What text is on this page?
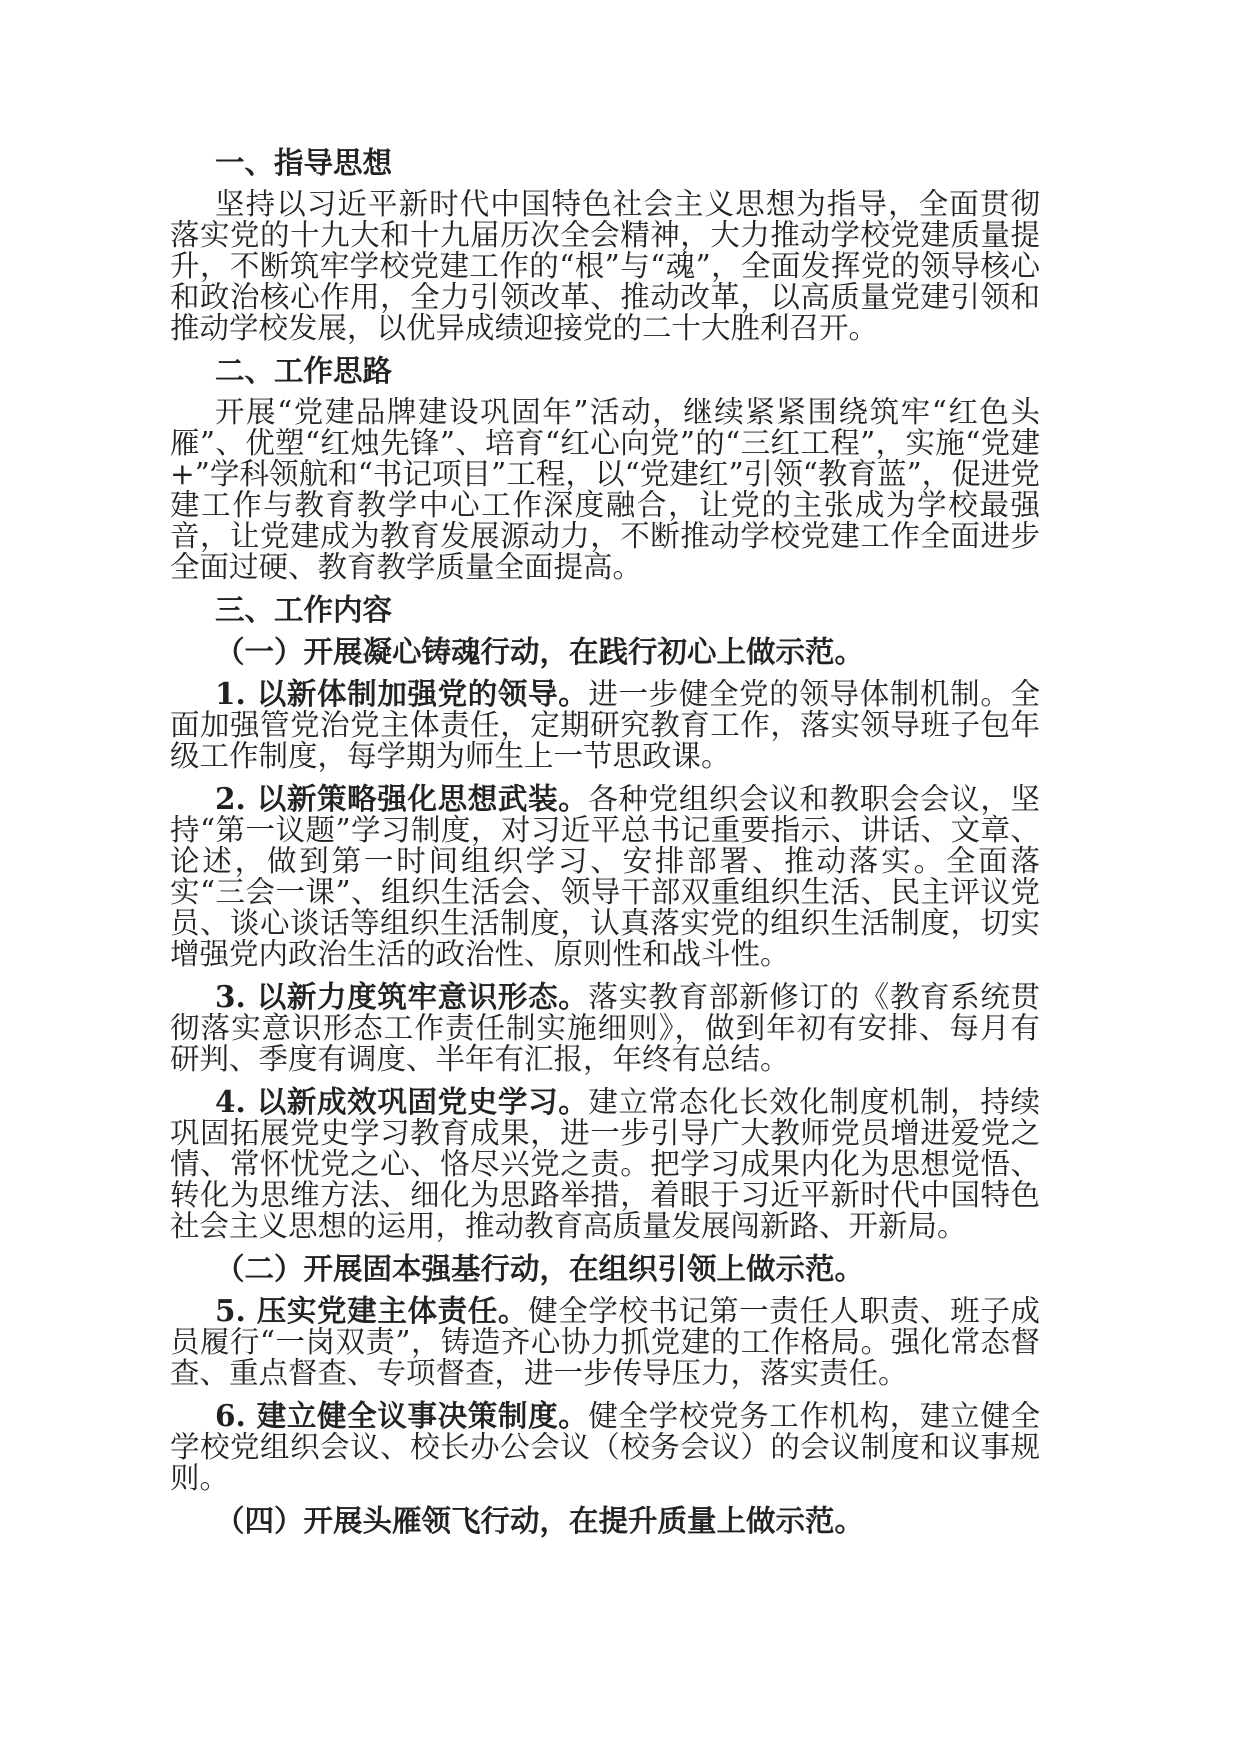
一、指导思想

坚持以习近平新时代中国特色社会主义思想为指导，全面贯彻落实党的十九大和十九届历次全会精神，大力推动学校党建质量提升，不断筑牢学校党建工作的“根”与“魂”，全面发挥党的领导核心和政治核心作用，全力引领改革、推动改革，以高质量党建引领和推动学校发展，以优异成绩迎接党的二十大胜利召开。

二、工作思路

开展“党建品牌建设巩固年”活动，继续紧紧围绕筑牢“红色头雁”、优塑“红烛先锋”、培育“红心向党”的“三红工程”，实施“党建+”学科领航和“书记项目”工程，以“党建红”引领“教育蓝”，促进党建工作与教育教学中心工作深度融合，让党的主张成为学校最强音，让党建成为教育发展源动力，不断推动学校党建工作全面进步全面过硬、教育教学质量全面提高。

三、工作内容
（一）开展凝心铸魂行动，在践行初心上做示范。

1. 以新体制加强党的领导。进一步健全党的领导体制机制。全面加强管党治党主体责任，定期研究教育工作，落实领导班子包年级工作制度，每学期为师生上一节思政课。

2. 以新策略强化思想武装。各种党组织会议和教职会会议，坚持“第一议题”学习制度，对习近平总书记重要指示、讲话、文章、论述，做到第一时间组织学习、安排部署、推动落实。全面落实“三会一课”、组织生活会、领导干部双重组织生活、民主评议党员、谈心谈话等组织生活制度，认真落实党的组织生活制度，切实增强党内政治生活的政治性、原则性和战斗性。

3. 以新力度筑牢意识形态。落实教育部新修订的《教育系统贯彻落实意识形态工作责任制实施细则》，做到年初有安排、每月有研判、季度有调度、半年有汇报，年终有总结。

4. 以新成效巩固党史学习。建立常态化长效化制度机制，持续巩固拓展党史学习教育成果，进一步引导广大教师党员增进爱党之情、常怀忧党之心、恪尽兴党之责。把学习成果内化为思想觉悟、转化为思维方法、细化为思路举措，着眼于习近平新时代中国特色社会主义思想的运用，推动教育高质量发展闯新路、开新局。

（二）开展固本强基行动，在组织引领上做示范。

5. 压实党建主体责任。健全学校书记第一责任人职责、班子成员履行“一岗双责”，铸造齐心协力抓党建的工作格局。强化常态督查、重点督查、专项督查，进一步传导压力，落实责任。

6. 建立健全议事决策制度。健全学校党务工作机构，建立健全学校党组织会议、校长办公会议（校务会议）的会议制度和议事规则。

（四）开展头雁领飞行动，在提升质量上做示范。
